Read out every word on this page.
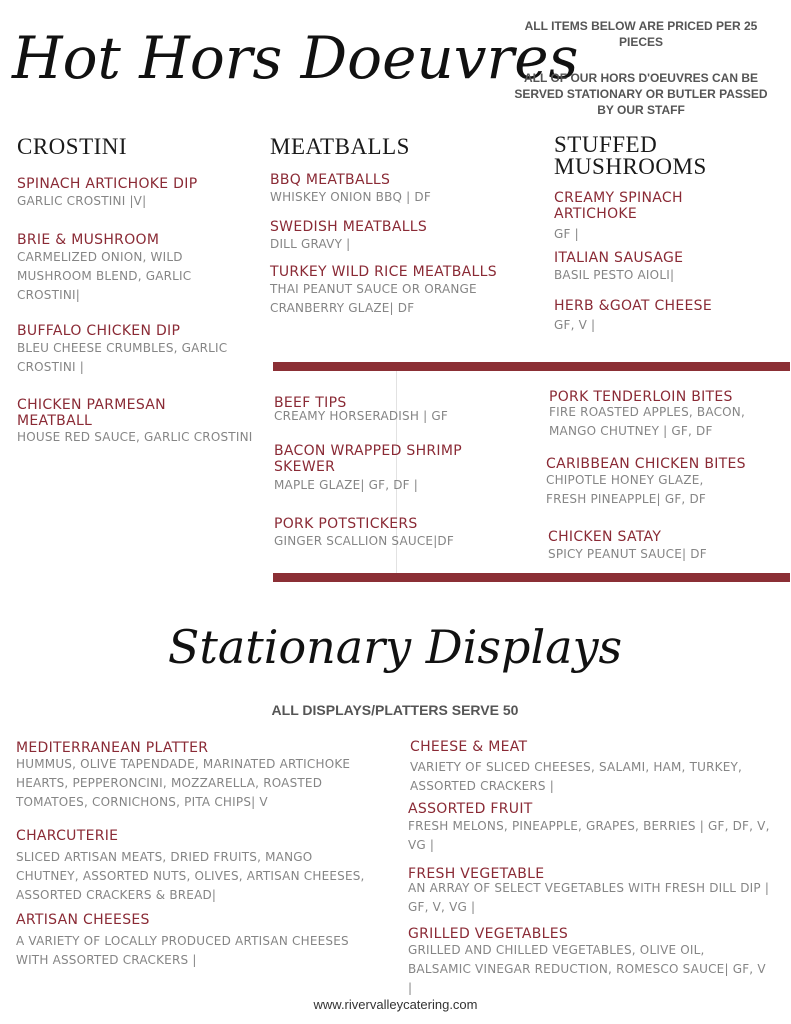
Hot Hors Doeuvres
ALL ITEMS BELOW ARE PRICED PER 25 PIECES
ALL OF OUR HORS D'OEUVRES CAN BE SERVED STATIONARY OR BUTLER PASSED BY OUR STAFF
CROSTINI
SPINACH ARTICHOKE DIP
GARLIC CROSTINI |V|
BRIE & MUSHROOM
CARMELIZED ONION, WILD MUSHROOM BLEND, GARLIC CROSTINI|
BUFFALO CHICKEN DIP
BLEU CHEESE CRUMBLES, GARLIC CROSTINI |
CHICKEN PARMESAN MEATBALL
HOUSE RED SAUCE, GARLIC CROSTINI
MEATBALLS
BBQ MEATBALLS
WHISKEY ONION BBQ | DF
SWEDISH MEATBALLS
DILL GRAVY |
TURKEY WILD RICE MEATBALLS
THAI PEANUT SAUCE OR ORANGE CRANBERRY GLAZE| DF
STUFFED MUSHROOMS
CREAMY SPINACH ARTICHOKE
GF |
ITALIAN SAUSAGE
BASIL PESTO AIOLI|
HERB &GOAT CHEESE
GF, V |
BEEF TIPS
CREAMY HORSERADISH | GF
BACON WRAPPED SHRIMP SKEWER
MAPLE GLAZE| GF, DF |
PORK POTSTICKERS
GINGER SCALLION SAUCE|DF
PORK TENDERLOIN BITES
FIRE ROASTED APPLES, BACON, MANGO CHUTNEY | GF, DF
CARIBBEAN CHICKEN BITES
CHIPOTLE HONEY GLAZE, FRESH PINEAPPLE| GF, DF
CHICKEN SATAY
SPICY PEANUT SAUCE| DF
Stationary Displays
ALL DISPLAYS/PLATTERS SERVE 50
MEDITERRANEAN PLATTER
HUMMUS, OLIVE TAPENDADE, MARINATED ARTICHOKE HEARTS, PEPPERONCINI, MOZZARELLA, ROASTED TOMATOES, CORNICHONS, PITA CHIPS| V
CHARCUTERIE
SLICED ARTISAN MEATS, DRIED FRUITS, MANGO CHUTNEY, ASSORTED NUTS, OLIVES, ARTISAN CHEESES, ASSORTED CRACKERS & BREAD|
ARTISAN CHEESES
A VARIETY OF LOCALLY PRODUCED ARTISAN CHEESES WITH ASSORTED CRACKERS |
CHEESE & MEAT
VARIETY OF SLICED CHEESES, SALAMI, HAM, TURKEY, ASSORTED CRACKERS |
ASSORTED FRUIT
FRESH MELONS, PINEAPPLE, GRAPES, BERRIES | GF, DF, V, VG |
FRESH VEGETABLE
AN ARRAY OF SELECT VEGETABLES WITH FRESH DILL DIP | GF, V, VG |
GRILLED VEGETABLES
GRILLED AND CHILLED VEGETABLES, OLIVE OIL, BALSAMIC VINEGAR REDUCTION, ROMESCO SAUCE| GF, V |
www.rivervalleycatering.com
